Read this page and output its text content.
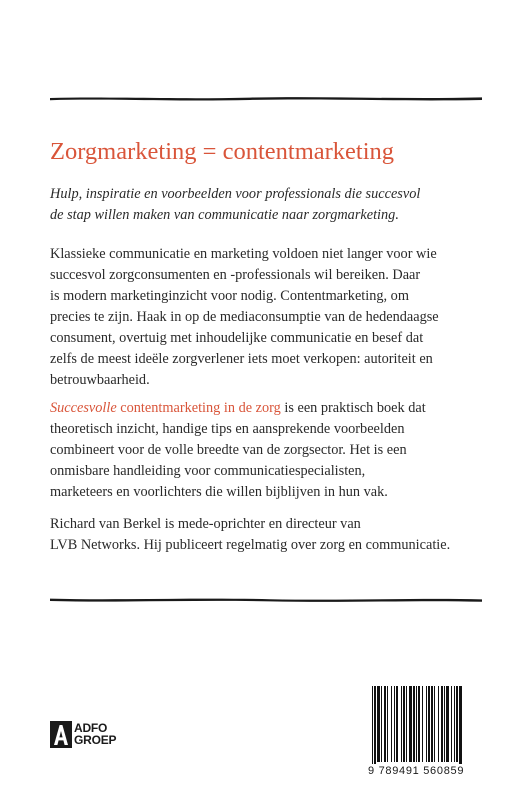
Zorgmarketing = contentmarketing
Hulp, inspiratie en voorbeelden voor professionals die succesvol
de stap willen maken van communicatie naar zorgmarketing.
Klassieke communicatie en marketing voldoen niet langer voor wie
succesvol zorgconsumenten en -professionals wil bereiken. Daar
is modern marketinginzicht voor nodig. Contentmarketing, om
precies te zijn. Haak in op de mediaconsumptie van de hedendaagse
consument, overtuig met inhoudelijke communicatie en besef dat
zelfs de meest ideële zorgverlener iets moet verkopen: autoriteit en
betrouwbaarheid.
Succesvolle contentmarketing in de zorg is een praktisch boek dat
theoretisch inzicht, handige tips en aansprekende voorbeelden
combineert voor de volle breedte van de zorgsector. Het is een
onmisbare handleiding voor communicatiespecialisten,
marketeers en voorlichters die willen bijblijven in hun vak.
Richard van Berkel is mede-oprichter en directeur van
LVB Networks. Hij publiceert regelmatig over zorg en communicatie.
ADFO
GROEP
9 789491 560859
